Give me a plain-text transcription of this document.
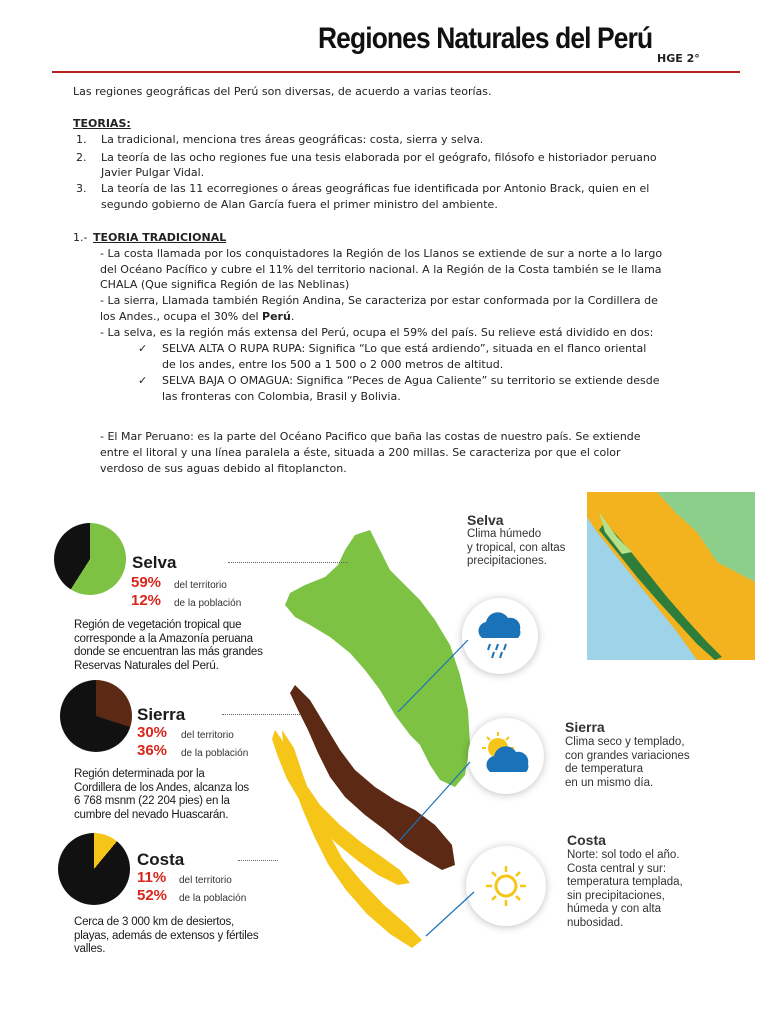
Regiones Naturales del Perú
HGE 2°
Las regiones geográficas del Perú son diversas, de acuerdo a varias teorías.
TEORIAS:
1. La tradicional, menciona tres áreas geográficas: costa, sierra y selva.
2. La teoría de las ocho regiones fue una tesis elaborada por el geógrafo, filósofo e historiador peruano
Javier Pulgar Vidal.
3. La teoría de las 11 ecorregiones o áreas geográficas fue identificada por Antonio Brack, quien en el
segundo gobierno de Alan García fuera el primer ministro del ambiente.
1.- TEORIA TRADICIONAL
- La costa llamada por los conquistadores la Región de los Llanos se extiende de sur a norte a lo largo
del Océano Pacífico y cubre el 11% del territorio nacional. A la Región de la Costa también se le llama
CHALA (Que significa Región de las Neblinas)
- La sierra, Llamada también Región Andina, Se caracteriza por estar conformada por la Cordillera de
los Andes., ocupa el 30% del Perú.
- La selva, es la región más extensa del Perú, ocupa el 59% del país. Su relieve está dividido en dos:
✓ SELVA ALTA O RUPA RUPA: Significa “Lo que está ardiendo”, situada en el flanco oriental
de los andes, entre los 500 a 1 500 o 2 000 metros de altitud.
✓ SELVA BAJA O OMAGUA: Significa “Peces de Agua Caliente” su territorio se extiende desde
las fronteras con Colombia, Brasil y Bolivia.
- El Mar Peruano: es la parte del Océano Pacifico que baña las costas de nuestro país. Se extiende
entre el litoral y una línea paralela a éste, situada a 200 millas. Se caracteriza por que el color
verdoso de sus aguas debido al fitoplancton.
Selva
59% del territorio
12% de la población
Región de vegetación tropical que
corresponde a la Amazonía peruana
donde se encuentran las más grandes
Reservas Naturales del Perú.
Sierra
30% del territorio
36% de la población
Región determinada por la
Cordillera de los Andes, alcanza los
6 768 msnm (22 204 pies) en la
cumbre del nevado Huascarán.
Costa
11% del territorio
52% de la población
Cerca de 3 000 km de desiertos,
playas, además de extensos y fértiles
valles.
Selva
Clima húmedo
y tropical, con altas
precipitaciones.
Sierra
Clima seco y templado,
con grandes variaciones
de temperatura
en un mismo día.
Costa
Norte: sol todo el año.
Costa central y sur:
temperatura templada,
sin precipitaciones,
húmeda y con alta
nubosidad.
